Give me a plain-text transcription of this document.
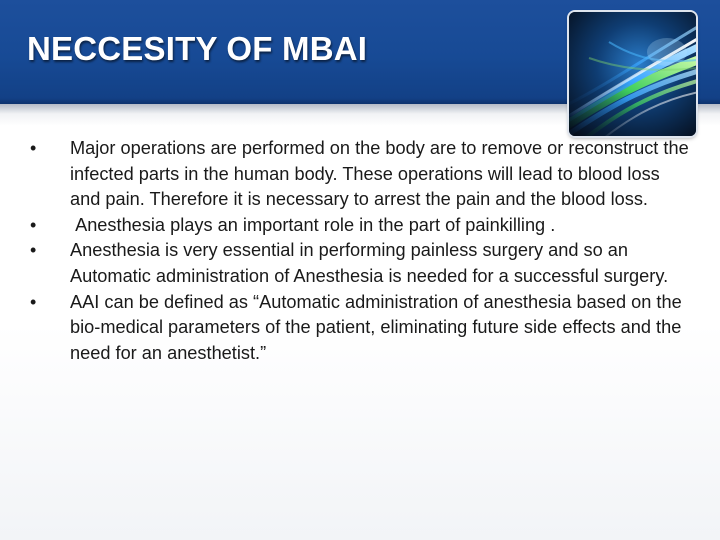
NECCESITY OF MBAI
•	Major operations are performed on the body are to remove or reconstruct the infected parts in the human body. These operations will lead to blood loss and pain. Therefore it is necessary to arrest the pain and the blood loss.
•	Anesthesia plays an important role in the part of painkilling .
•	Anesthesia is very essential in performing painless surgery and so an Automatic administration of Anesthesia is needed for a successful surgery.
•	AAI can be defined as “Automatic administration of anesthesia based on the bio-medical parameters of the patient, eliminating future side effects and the need for an anesthetist.”
